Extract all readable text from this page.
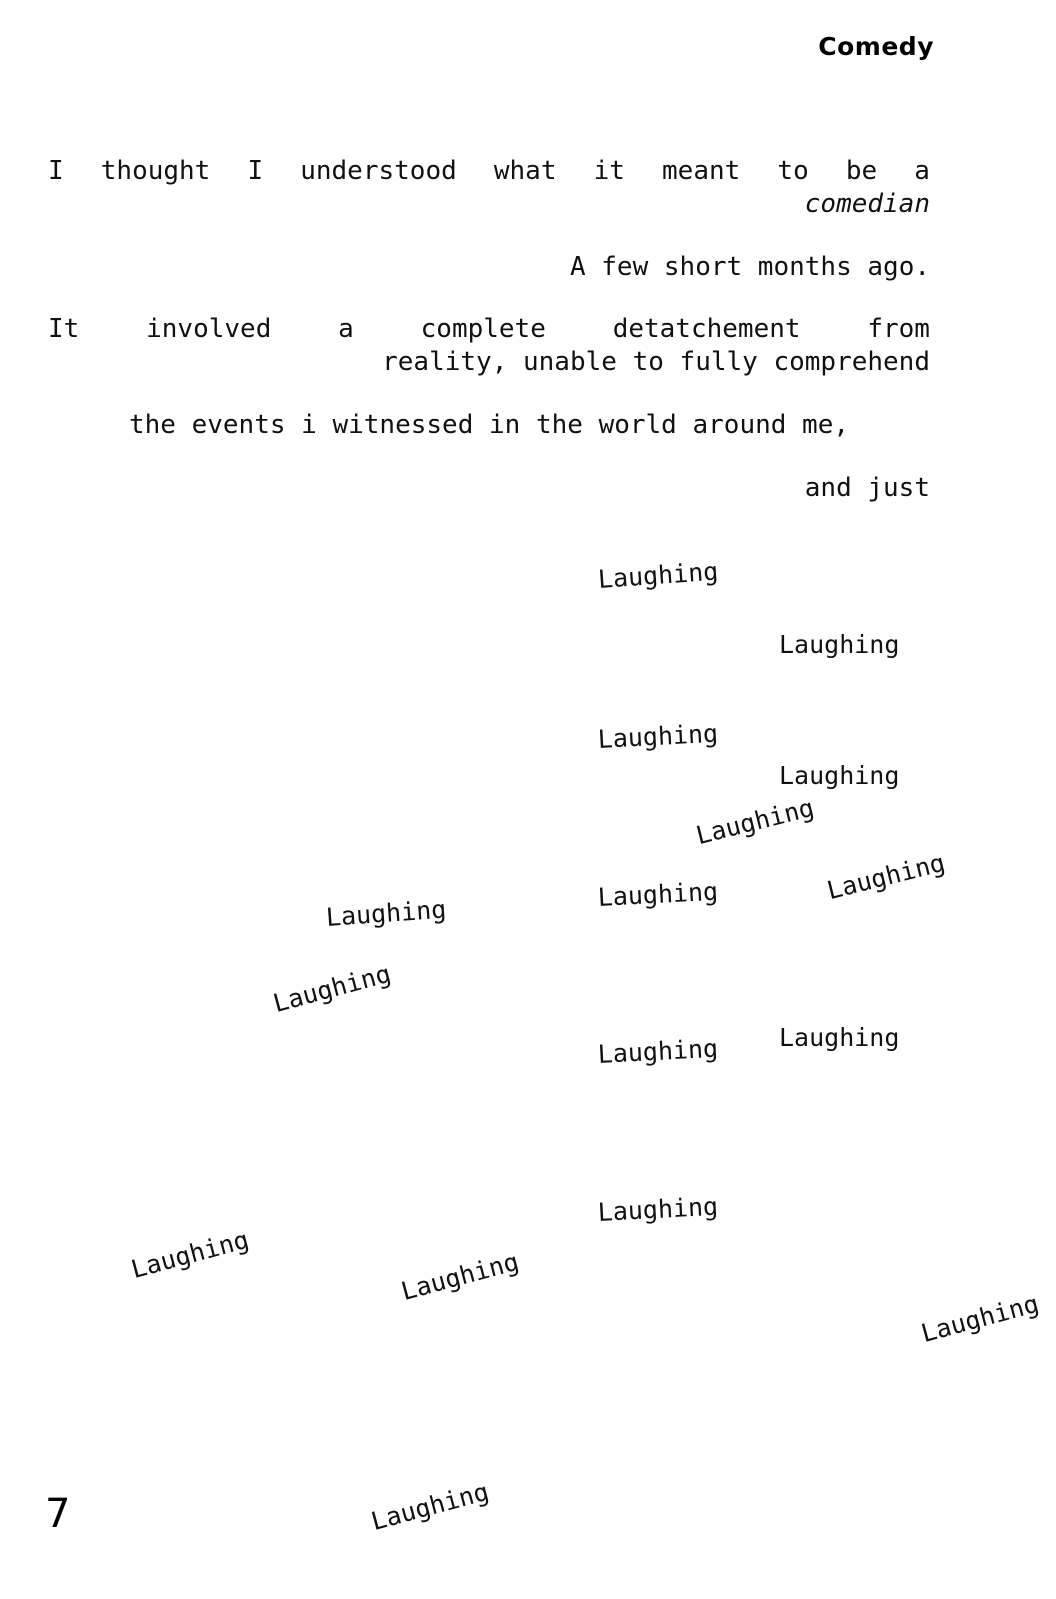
Comedy
I thought I understood what it meant to be a
comedian
A few short months ago.
It	involved	a	complete	detatchement	from
reality, unable to fully comprehend
the events i witnessed in the world around me,
and just
Laughing
Laughing
Laughing
Laughing
Laughing
Laughing	Laughing
Laughing
Laughing
Laughing
Laughing
Laughing
Laughing	Laughing
Laughing
Laughing
7
